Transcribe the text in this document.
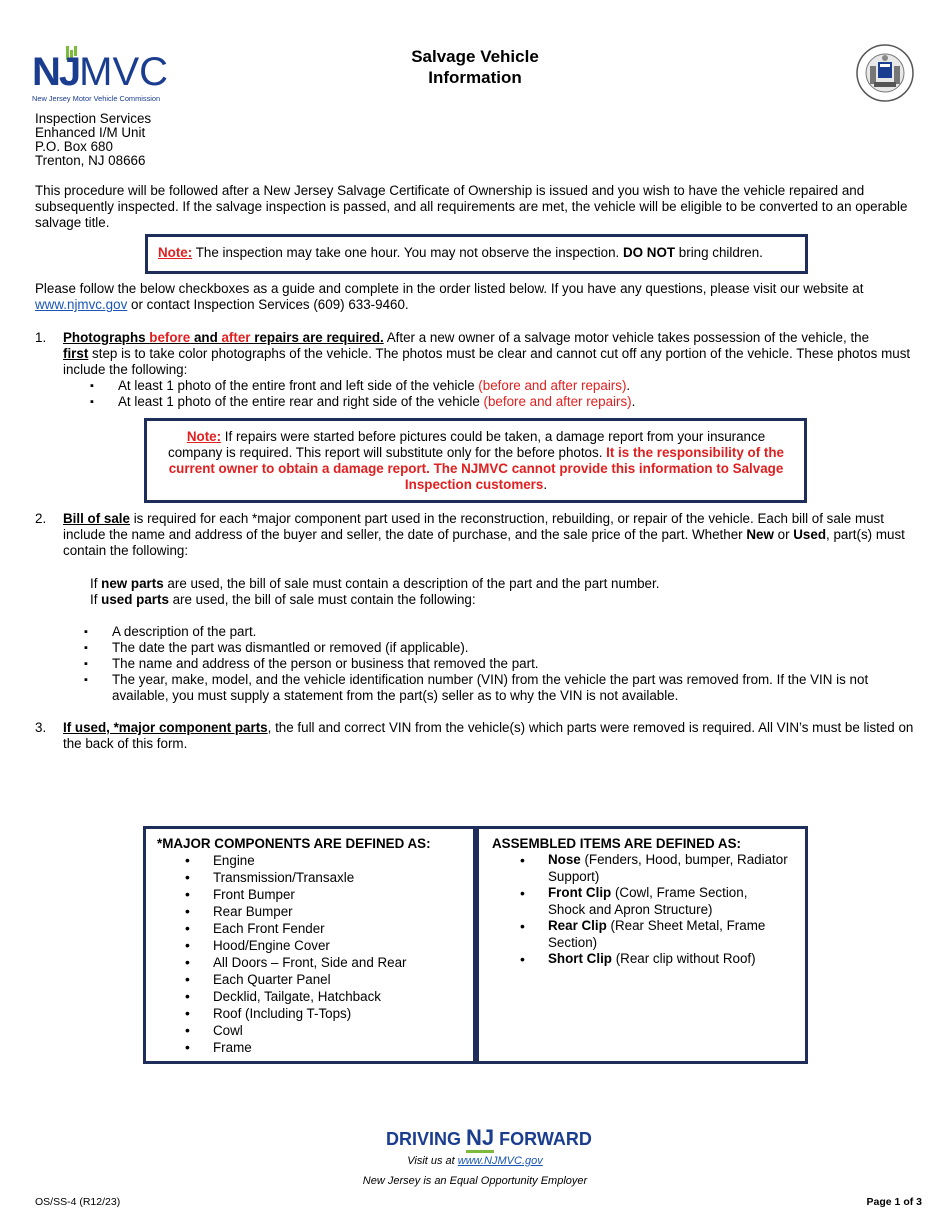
NJMVC
New Jersey Motor Vehicle Commission
Salvage Vehicle
Information
Inspection Services
Enhanced I/M Unit
P.O. Box 680
Trenton, NJ 08666

This procedure will be followed after a New Jersey Salvage Certificate of Ownership is issued and you wish to have the vehicle repaired and subsequently inspected. If the salvage inspection is passed, and all requirements are met, the vehicle will be eligible to be converted to an operable salvage title.

Note: The inspection may take one hour. You may not observe the inspection. DO NOT bring children.

Please follow the below checkboxes as a guide and complete in the order listed below. If you have any questions, please visit our website at
www.njmvc.gov or contact Inspection Services (609) 633-9460.

1. Photographs before and after repairs are required. After a new owner of a salvage motor vehicle takes possession of the vehicle, the
first step is to take color photographs of the vehicle. The photos must be clear and cannot cut off any portion of the vehicle. These photos must include the following:

▪ At least 1 photo of the entire front and left side of the vehicle (before and after repairs).
▪ At least 1 photo of the entire rear and right side of the vehicle (before and after repairs).

Note: If repairs were started before pictures could be taken, a damage report from your insurance company is required. This report will substitute only for the before photos. It is the responsibility of the current owner to obtain a damage report. The NJMVC cannot provide this information to Salvage Inspection customers.

2. Bill of sale is required for each *major component part used in the reconstruction, rebuilding, or repair of the vehicle. Each bill of sale must include the name and address of the buyer and seller, the date of purchase, and the sale price of the part. Whether New or Used, part(s) must contain the following:

If new parts are used, the bill of sale must contain a description of the part and the part number.

If used parts are used, the bill of sale must contain the following:

▪ A description of the part.
▪ The date the part was dismantled or removed (if applicable).
▪ The name and address of the person or business that removed the part.
▪ The year, make, model, and the vehicle identification number (VIN) from the vehicle the part was removed from. If the VIN is not available, you must supply a statement from the part(s) seller as to why the VIN is not available.
3. If used, *major component parts, the full and correct VIN from the vehicle(s) which parts were removed is required. All VIN’s must be listed on the back of this form.

*MAJOR COMPONENTS ARE DEFINED AS:
• Engine
• Transmission/Transaxle
• Front Bumper
• Rear Bumper
• Each Front Fender
• Hood/Engine Cover
• All Doors – Front, Side and Rear
• Each Quarter Panel
• Decklid, Tailgate, Hatchback
• Roof (Including T-Tops)
• Cowl
• Frame
ASSEMBLED ITEMS ARE DEFINED AS:
• Nose (Fenders, Hood, bumper, Radiator Support)
• Front Clip (Cowl, Frame Section, Shock and Apron Structure)
• Rear Clip (Rear Sheet Metal, Frame Section)
• Short Clip (Rear clip without Roof)
DRIVING NJ FORWARD

Visit us at www.NJMVC.gov

New Jersey is an Equal Opportunity Employer

OS/SS-4 (R12/23)	Page 1 of 3
